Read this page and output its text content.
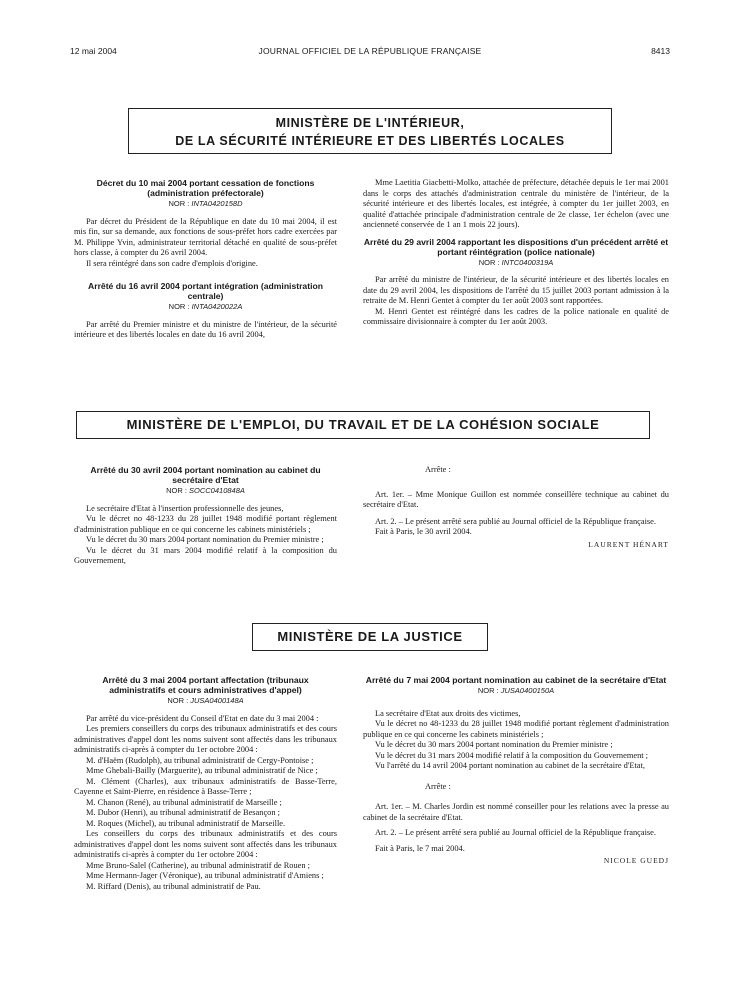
12 mai 2004	JOURNAL OFFICIEL DE LA RÉPUBLIQUE FRANÇAISE	8413
MINISTÈRE DE L'INTÉRIEUR,
DE LA SÉCURITÉ INTÉRIEURE ET DES LIBERTÉS LOCALES
Décret du 10 mai 2004 portant cessation de fonctions (administration préfectorale)
NOR : INTA0420158D

Par décret du Président de la République en date du 10 mai 2004, il est mis fin, sur sa demande, aux fonctions de sous-préfet hors cadre exercées par M. Philippe Yvin, administrateur territorial détaché en qualité de sous-préfet hors classe, à compter du 26 avril 2004.

Il sera réintégré dans son cadre d'emplois d'origine.

Arrêté du 16 avril 2004 portant intégration (administration centrale)
NOR : INTA0420022A

Par arrêté du Premier ministre et du ministre de l'intérieur, de la sécurité intérieure et des libertés locales en date du 16 avril 2004,

Mme Laetitia Giacbetti-Molko, attachée de préfecture, détachée depuis le 1er mai 2001 dans le corps des attachés d'administration centrale du ministère de l'intérieur, de la sécurité intérieure et des libertés locales, est intégrée, à compter du 1er juillet 2003, en qualité d'attachée principale d'administration centrale de 2e classe, 1er échelon (avec une ancienneté conservée de 1 an 1 mois 22 jours).

Arrêté du 29 avril 2004 rapportant les dispositions d'un précédent arrêté et portant réintégration (police nationale)
NOR : INTC0400319A

Par arrêté du ministre de l'intérieur, de la sécurité intérieure et des libertés locales en date du 29 avril 2004, les dispositions de l'arrêté du 15 juillet 2003 portant admission à la retraite de M. Henri Gentet à compter du 1er août 2003 sont rapportées.

M. Henri Gentet est réintégré dans les cadres de la police nationale en qualité de commissaire divisionnaire à compter du 1er août 2003.

MINISTÈRE DE L'EMPLOI, DU TRAVAIL ET DE LA COHÉSION SOCIALE
Arrêté du 30 avril 2004 portant nomination au cabinet du secrétaire d'Etat
NOR : SOCC0410848A

Le secrétaire d'Etat à l'insertion professionnelle des jeunes,

Vu le décret no 48-1233 du 28 juillet 1948 modifié portant règlement d'administration publique en ce qui concerne les cabinets ministériels ;

Vu le décret du 30 mars 2004 portant nomination du Premier ministre ;

Vu le décret du 31 mars 2004 modifié relatif à la composition du Gouvernement,

Arrête :

Art. 1er. – Mme Monique Guillon est nommée conseillère technique au cabinet du secrétaire d'Etat.

Art. 2. – Le présent arrêté sera publié au Journal officiel de la République française.

Fait à Paris, le 30 avril 2004.

LAURENT HÉNART
MINISTÈRE DE LA JUSTICE
Arrêté du 3 mai 2004 portant affectation (tribunaux administratifs et cours administratives d'appel)
NOR : JUSA0400148A

Par arrêté du vice-président du Conseil d'Etat en date du 3 mai 2004 :

Les premiers conseillers du corps des tribunaux administratifs et des cours administratives d'appel dont les noms suivent sont affectés dans les tribunaux administratifs ci-après à compter du 1er octobre 2004 :

M. d'Haëm (Rudolph), au tribunal administratif de Cergy-Pontoise ;

Mme Ghebali-Bailly (Marguerite), au tribunal administratif de Nice ;

M. Clément (Charles), aux tribunaux administratifs de Basse-Terre, Cayenne et Saint-Pierre, en résidence à Basse-Terre ;

M. Chanon (René), au tribunal administratif de Marseille ;

M. Dubor (Henri), au tribunal administratif de Besançon ;

M. Roques (Michel), au tribunal administratif de Marseille.

Les conseillers du corps des tribunaux administratifs et des cours administratives d'appel dont les noms suivent sont affectés dans les tribunaux administratifs ci-après à compter du 1er octobre 2004 :

Mme Bruno-Salel (Catherine), au tribunal administratif de Rouen ;

Mme Hermann-Jager (Véronique), au tribunal administratif d'Amiens ;

M. Riffard (Denis), au tribunal administratif de Pau.

Arrêté du 7 mai 2004 portant nomination au cabinet de la secrétaire d'Etat
NOR : JUSA0400150A

La secrétaire d'Etat aux droits des victimes,

Vu le décret no 48-1233 du 28 juillet 1948 modifié portant règlement d'administration publique en ce qui concerne les cabinets ministériels ;

Vu le décret du 30 mars 2004 portant nomination du Premier ministre ;

Vu le décret du 31 mars 2004 modifié relatif à la composition du Gouvernement ;

Vu l'arrêté du 14 avril 2004 portant nomination au cabinet de la secrétaire d'Etat,

Arrête :

Art. 1er. – M. Charles Jordin est nommé conseiller pour les relations avec la presse au cabinet de la secrétaire d'Etat.

Art. 2. – Le présent arrêté sera publié au Journal officiel de la République française.

Fait à Paris, le 7 mai 2004.

NICOLE GUEDJ
